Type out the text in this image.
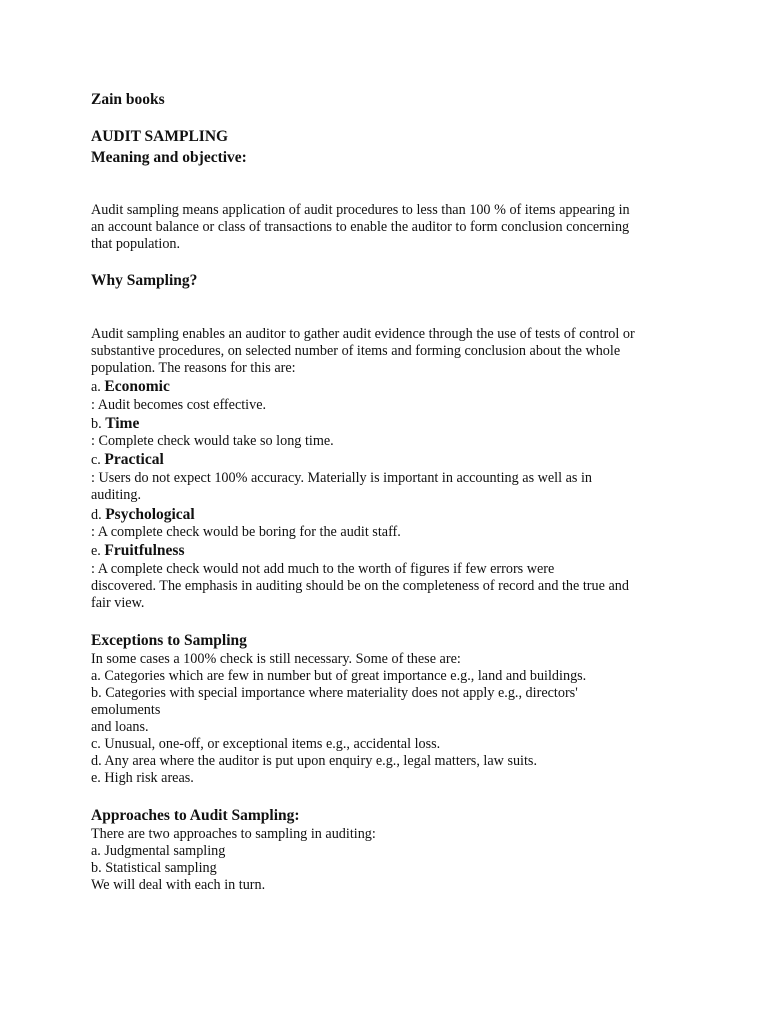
Zain books
AUDIT SAMPLING
Meaning and objective:
Audit sampling means application of audit procedures to less than 100 % of items appearing in
an account balance or class of transactions to enable the auditor to form conclusion concerning
that population.
Why Sampling?
Audit sampling enables an auditor to gather audit evidence through the use of tests of control or
substantive procedures, on selected number of items and forming conclusion about the whole
population. The reasons for this are:
a. Economic
: Audit becomes cost effective.
b. Time
: Complete check would take so long time.
c. Practical
: Users do not expect 100% accuracy. Materially is important in accounting as well as in
auditing.
d. Psychological
: A complete check would be boring for the audit staff.
e. Fruitfulness
: A complete check would not add much to the worth of figures if few errors were
discovered. The emphasis in auditing should be on the completeness of record and the true and
fair view.
Exceptions to Sampling
In some cases a 100% check is still necessary. Some of these are:
a. Categories which are few in number but of great importance e.g., land and buildings.
b. Categories with special importance where materiality does not apply e.g., directors'
emoluments
and loans.
c. Unusual, one-off, or exceptional items e.g., accidental loss.
d. Any area where the auditor is put upon enquiry e.g., legal matters, law suits.
e. High risk areas.
Approaches to Audit Sampling:
There are two approaches to sampling in auditing:
a. Judgmental sampling
b. Statistical sampling
We will deal with each in turn.
